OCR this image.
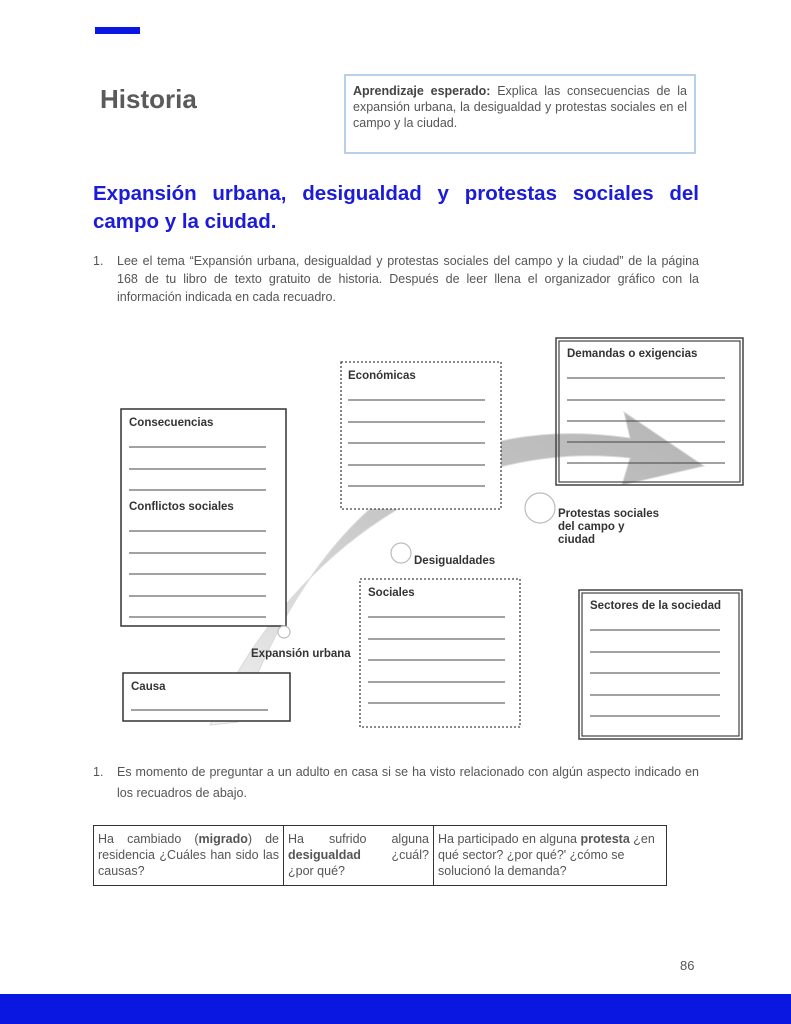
Historia	Aprendizaje esperado: Explica las consecuencias de la expansión urbana, la desigualdad y protestas sociales en el campo y la ciudad.
Expansión urbana, desigualdad y protestas sociales del campo y la ciudad.
1. Lee el tema “Expansión urbana, desigualdad y protestas sociales del campo y la ciudad” de la página 168 de tu libro de texto gratuito de historia. Después de leer llena el organizador gráfico con la información indicada en cada recuadro.
Consecuencias
Conflictos sociales
Económicas
Demandas o exigencias
Sociales
Sectores de la sociedad
Causa
Expansión urbana
Desigualdades
Protestas sociales
del campo y
ciudad
1. Es momento de preguntar a un adulto en casa si se ha visto relacionado con algún aspecto indicado en los recuadros de abajo.
Ha cambiado (migrado) de residencia ¿Cuáles han sido las causas?	Ha sufrido alguna desigualdad ¿cuál? ¿por qué?	Ha participado en alguna protesta ¿en qué sector? ¿por qué?' ¿cómo se solucionó la demanda?
86
